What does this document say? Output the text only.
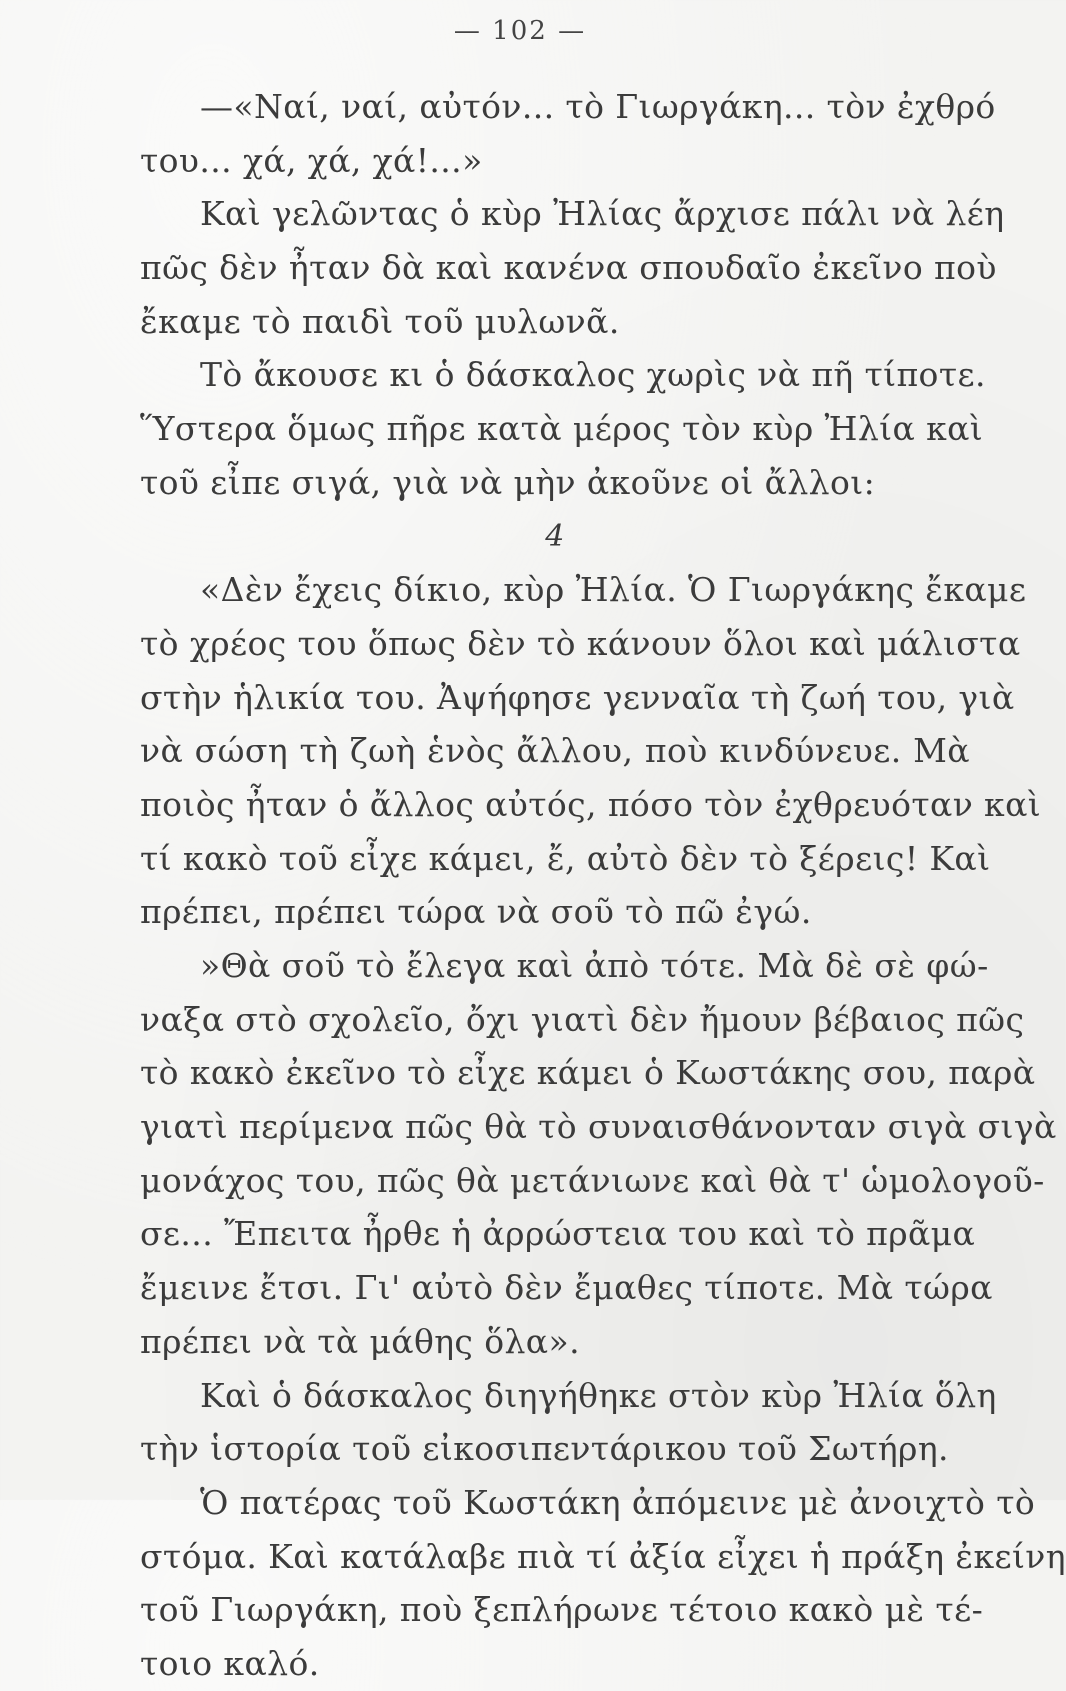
— 102 —
—«Ναί, ναί, αὐτόν... τὸ Γιωργάκη... τὸν ἐχθρό
του... χά, χά, χά!...»
Καὶ γελῶντας ὁ κὺρ Ἠλίας ἄρχισε πάλι νὰ λέη
πῶς δὲν ἦταν δὰ καὶ κανένα σπουδαῖο ἐκεῖνο ποὺ
ἔκαμε τὸ παιδὶ τοῦ μυλωνᾶ.
Τὸ ἄκουσε κι ὁ δάσκαλος χωρὶς νὰ πῆ τίποτε.
Ὕστερα ὅμως πῆρε κατὰ μέρος τὸν κὺρ Ἠλία καὶ
τοῦ εἶπε σιγά, γιὰ νὰ μὴν ἀκοῦνε οἱ ἄλλοι:
4
«Δὲν ἔχεις δίκιο, κὺρ Ἠλία. Ὁ Γιωργάκης ἔκαμε
τὸ χρέος του ὅπως δὲν τὸ κάνουν ὅλοι καὶ μάλιστα
στὴν ἡλικία του. Ἀψήφησε γενναῖα τὴ ζωή του, γιὰ
νὰ σώση τὴ ζωὴ ἑνὸς ἄλλου, ποὺ κινδύνευε. Μὰ
ποιὸς ἦταν ὁ ἄλλος αὐτός, πόσο τὸν ἐχθρευόταν καὶ
τί κακὸ τοῦ εἶχε κάμει, ἔ, αὐτὸ δὲν τὸ ξέρεις! Καὶ
πρέπει, πρέπει τώρα νὰ σοῦ τὸ πῶ ἐγώ.
»Θὰ σοῦ τὸ ἔλεγα καὶ ἀπὸ τότε. Μὰ δὲ σὲ φώ-
ναξα στὸ σχολεῖο, ὄχι γιατὶ δὲν ἤμουν βέβαιος πῶς
τὸ κακὸ ἐκεῖνο τὸ εἶχε κάμει ὁ Κωστάκης σου, παρὰ
γιατὶ περίμενα πῶς θὰ τὸ συναισθάνονταν σιγὰ σιγὰ
μονάχος του, πῶς θὰ μετάνιωνε καὶ θὰ τ' ὡμολογοῦ-
σε... Ἔπειτα ἦρθε ἡ ἀρρώστεια του καὶ τὸ πρᾶμα
ἔμεινε ἔτσι. Γι' αὐτὸ δὲν ἔμαθες τίποτε. Μὰ τώρα
πρέπει νὰ τὰ μάθης ὅλα».
Καὶ ὁ δάσκαλος διηγήθηκε στὸν κὺρ Ἠλία ὅλη
τὴν ἱστορία τοῦ εἰκοσιπεντάρικου τοῦ Σωτήρη.
Ὁ πατέρας τοῦ Κωστάκη ἀπόμεινε μὲ ἀνοιχτὸ τὸ
στόμα. Καὶ κατάλαβε πιὰ τί ἀξία εἶχει ἡ πράξη ἐκείνη
τοῦ Γιωργάκη, ποὺ ξεπλήρωνε τέτοιο κακὸ μὲ τέ-
τοιο καλό.
